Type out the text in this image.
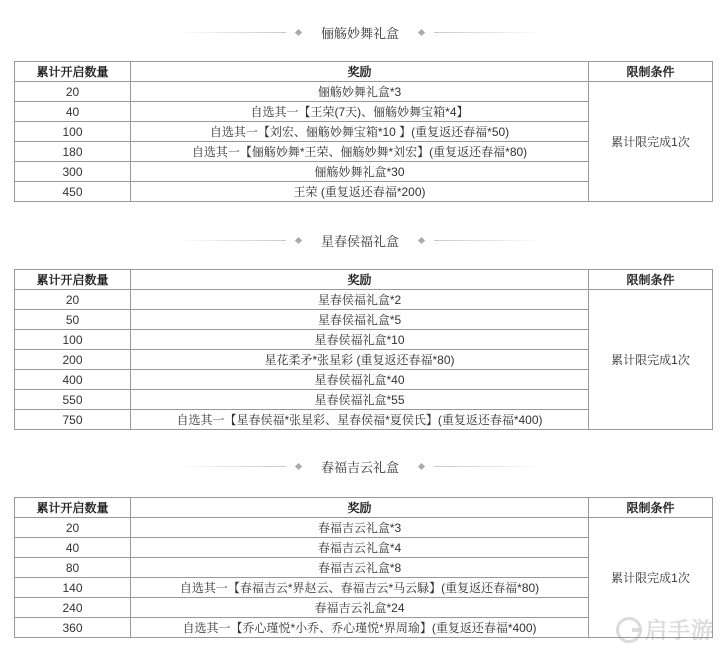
俪觞妙舞礼盒
累计开启数量	奖励	限制条件
20	俪觞妙舞礼盒*3	累计限完成1次
40	自选其一【王荣(7天)、俪觞妙舞宝箱*4】	
100	自选其一【刘宏、俪觞妙舞宝箱*10 】(重复返还春福*50)	
180	自选其一【俪觞妙舞*王荣、俪觞妙舞*刘宏】(重复返还春福*80)	
300	俪觞妙舞礼盒*30	
450	王荣 (重复返还春福*200)	
星春侯福礼盒
累计开启数量	奖励	限制条件
20	星春侯福礼盒*2	累计限完成1次
50	星春侯福礼盒*5	
100	星春侯福礼盒*10	
200	星花柔矛*张星彩 (重复返还春福*80)	
400	星春侯福礼盒*40	
550	星春侯福礼盒*55	
750	自选其一【星春侯福*张星彩、星春侯福*夏侯氏】(重复返还春福*400)	
春福吉云礼盒
累计开启数量	奖励	限制条件
20	春福吉云礼盒*3	累计限完成1次
40	春福吉云礼盒*4	
80	春福吉云礼盒*8	
140	自选其一【春福吉云*界赵云、春福吉云*马云騄】(重复返还春福*80)	
240	春福吉云礼盒*24	
360	自选其一【乔心瑾悦*小乔、乔心瑾悦*界周瑜】(重复返还春福*400)		启手游
